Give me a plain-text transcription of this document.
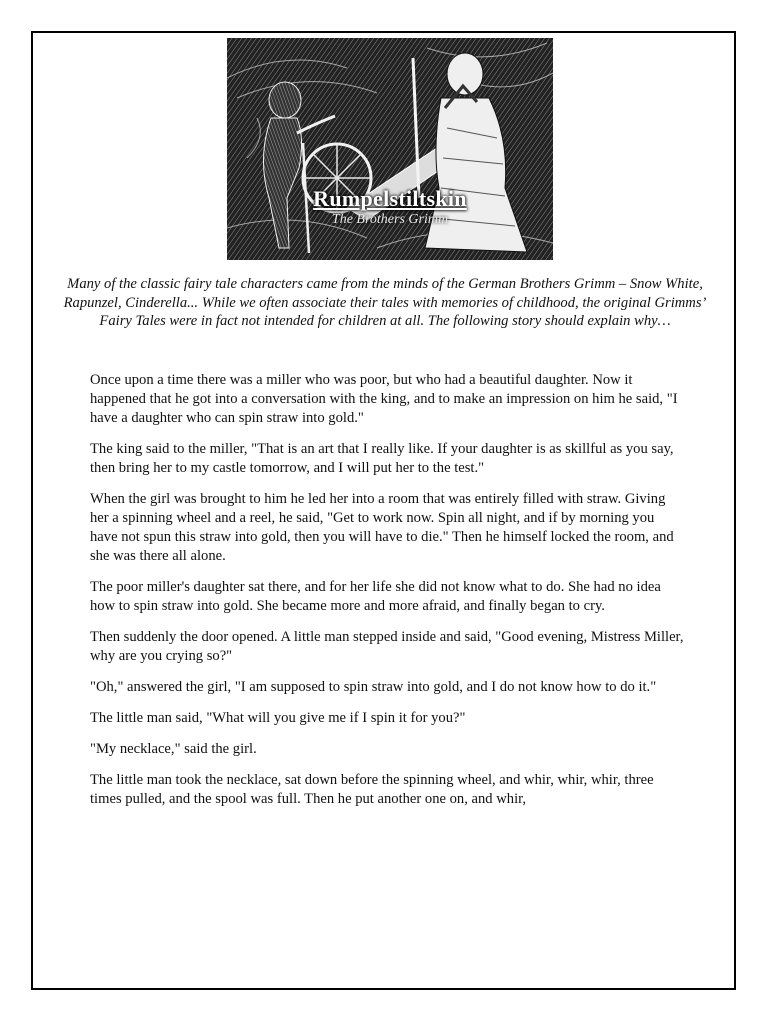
Rumpelstiltskin
The Brothers Grimm
Many of the classic fairy tale characters came from the minds of the German Brothers Grimm – Snow White, Rapunzel, Cinderella... While we often associate their tales with memories of childhood, the original Grimms’ Fairy Tales were in fact not intended for children at all. The following story should explain why…

Once upon a time there was a miller who was poor, but who had a beautiful daughter. Now it happened that he got into a conversation with the king, and to make an impression on him he said, "I have a daughter who can spin straw into gold."

The king said to the miller, "That is an art that I really like. If your daughter is as skillful as you say, then bring her to my castle tomorrow, and I will put her to the test."

When the girl was brought to him he led her into a room that was entirely filled with straw. Giving her a spinning wheel and a reel, he said, "Get to work now. Spin all night, and if by morning you have not spun this straw into gold, then you will have to die." Then he himself locked the room, and she was there all alone.

The poor miller's daughter sat there, and for her life she did not know what to do. She had no idea how to spin straw into gold. She became more and more afraid, and finally began to cry.

Then suddenly the door opened. A little man stepped inside and said, "Good evening, Mistress Miller, why are you crying so?"

"Oh," answered the girl, "I am supposed to spin straw into gold, and I do not know how to do it."

The little man said, "What will you give me if I spin it for you?"

"My necklace," said the girl.

The little man took the necklace, sat down before the spinning wheel, and whir, whir, whir, three times pulled, and the spool was full. Then he put another one on, and whir,
